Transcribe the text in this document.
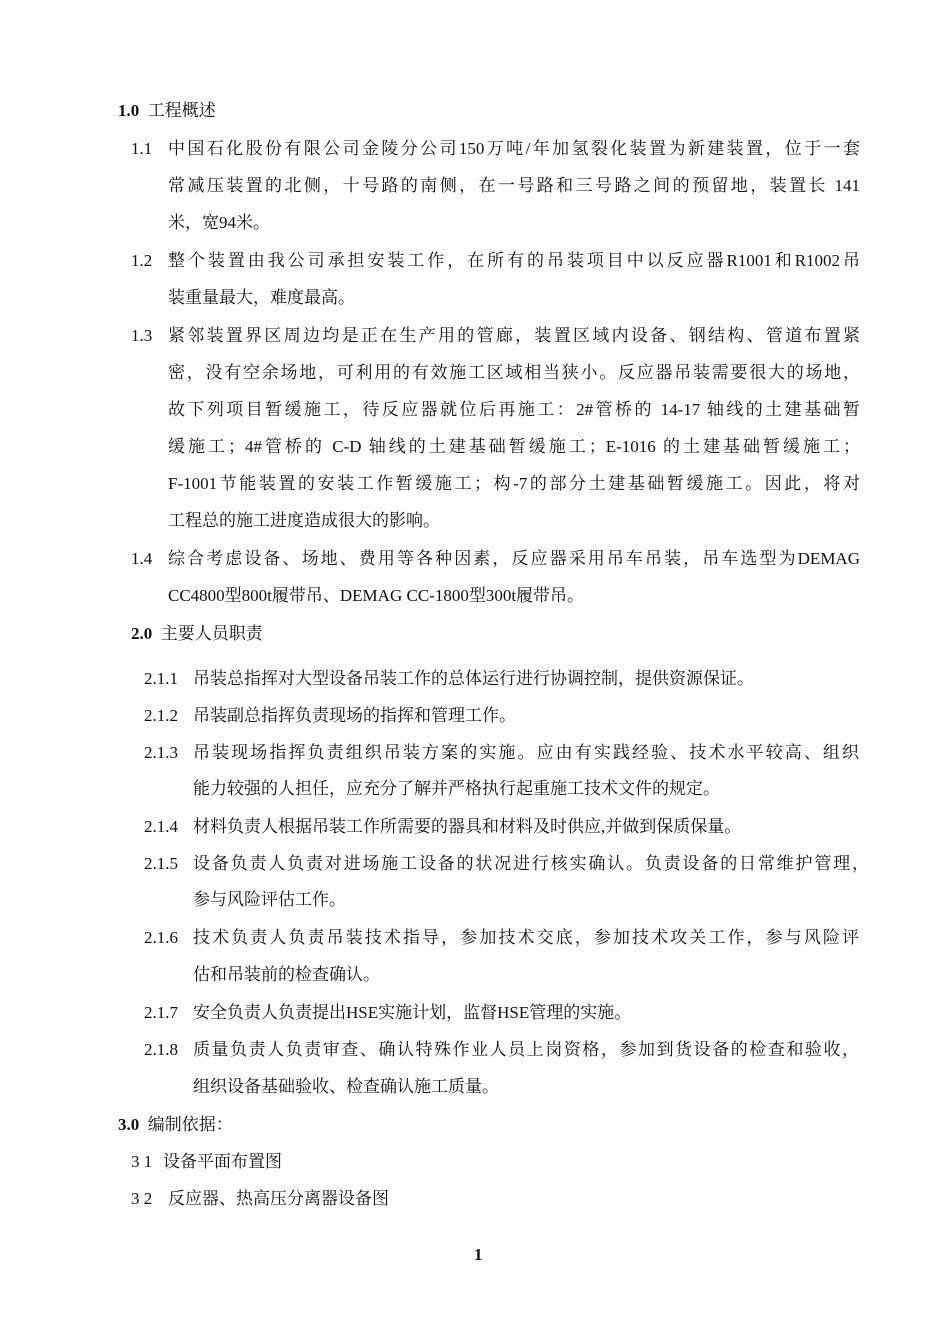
1.0 工程概述
1.1 中国石化股份有限公司金陵分公司150万吨/年加氢裂化装置为新建装置，位于一套
常减压装置的北侧，十号路的南侧，在一号路和三号路之间的预留地，装置长 141
米，宽94米。
1.2 整个装置由我公司承担安装工作，在所有的吊装项目中以反应器R1001和R1002吊
装重量最大，难度最高。
1.3 紧邻装置界区周边均是正在生产用的管廊，装置区域内设备、钢结构、管道布置紧
密，没有空余场地，可利用的有效施工区域相当狭小。反应器吊装需要很大的场地，
故下列项目暂缓施工，待反应器就位后再施工：2#管桥的 14-17 轴线的土建基础暂
缓施工；4#管桥的 C-D 轴线的土建基础暂缓施工；E-1016 的土建基础暂缓施工；
F-1001节能装置的安装工作暂缓施工；构-7的部分土建基础暂缓施工。因此，将对
工程总的施工进度造成很大的影响。
1.4 综合考虑设备、场地、费用等各种因素，反应器采用吊车吊装，吊车选型为DEMAG
CC4800型800t履带吊、DEMAG CC-1800型300t履带吊。
2.0 主要人员职责
2.1.1 吊装总指挥对大型设备吊装工作的总体运行进行协调控制，提供资源保证。
2.1.2 吊装副总指挥负责现场的指挥和管理工作。
2.1.3 吊装现场指挥负责组织吊装方案的实施。应由有实践经验、技术水平较高、组织
能力较强的人担任，应充分了解并严格执行起重施工技术文件的规定。
2.1.4 材料负责人根据吊装工作所需要的器具和材料及时供应,并做到保质保量。
2.1.5 设备负责人负责对进场施工设备的状况进行核实确认。负责设备的日常维护管理，
参与风险评估工作。
2.1.6 技术负责人负责吊装技术指导，参加技术交底，参加技术攻关工作，参与风险评
估和吊装前的检查确认。
2.1.7 安全负责人负责提出HSE实施计划，监督HSE管理的实施。
2.1.8 质量负责人负责审查、确认特殊作业人员上岗资格，参加到货设备的检查和验收，
组织设备基础验收、检查确认施工质量。
3.0 编制依据：
3 1 设备平面布置图
3 2 反应器、热高压分离器设备图
1
